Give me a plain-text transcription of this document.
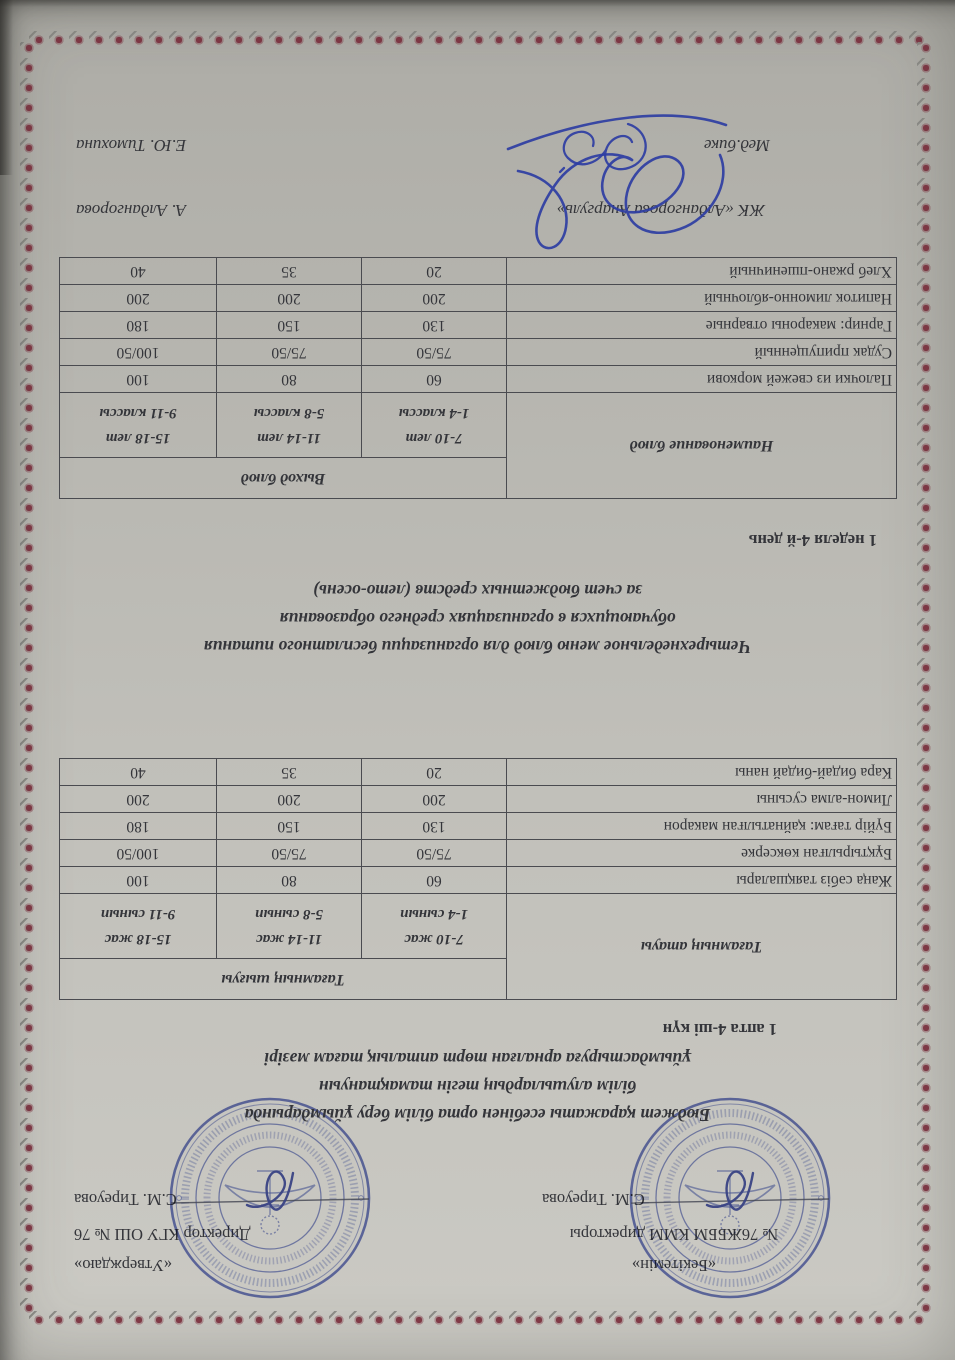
«Бекітемін»
№ 76ЖББМ КММ директоры
С.М. Тиреуова
«Утверждаю»
Директор КГУ ОШ № 76
С.М. Тиреуова
Бюджет қаражаты есебінен орта білім беру ұйымдарында
білім алушылардың тегін тамақтануын
ұйымдастыруға арналған төрт апталық тағам мәзірі
1 апта 4-ші күн
Тағамның атауы	Тағамның шығуы		

7-10 жас
1-4 сынып

11-14 жас
5-8 сынып

15-18 жас
9-11 сынып

Жаңа сәбіз таяқшалары	60	80	100
Бұқтырылған көксерке	75/50	75/50	100/50
Бүйір тағам: қайнатылған макарон	130	150	180
Лимон-алма сусыны	200	200	200
Кара бидай-бидай наны	20	35	40
Четырехнедельное меню блюд для организации бесплатного питания
обучающихся в организациях среднего образования
за счет бюджетных средств (лето-осень)
1 неделя 4-й день
Наименование блюд	Выход блюд		

7-10 лет
1-4 классы

11-14 лет
5-8 классы

15-18 лет
9-11 классы

Палочки из свежей моркови	60	80	100
Судак припущенный	75/50	75/50	100/50
Гарнир: макароны отварные	130	150	180
Напиток лимонно-яблочный	200	200	200
Хлеб ржано-пшеничный	20	35	40
ЖК «Алдангорова Анаргуль»
А. Алдангорова
Мед.бике
Е.Ю. Тимохина
